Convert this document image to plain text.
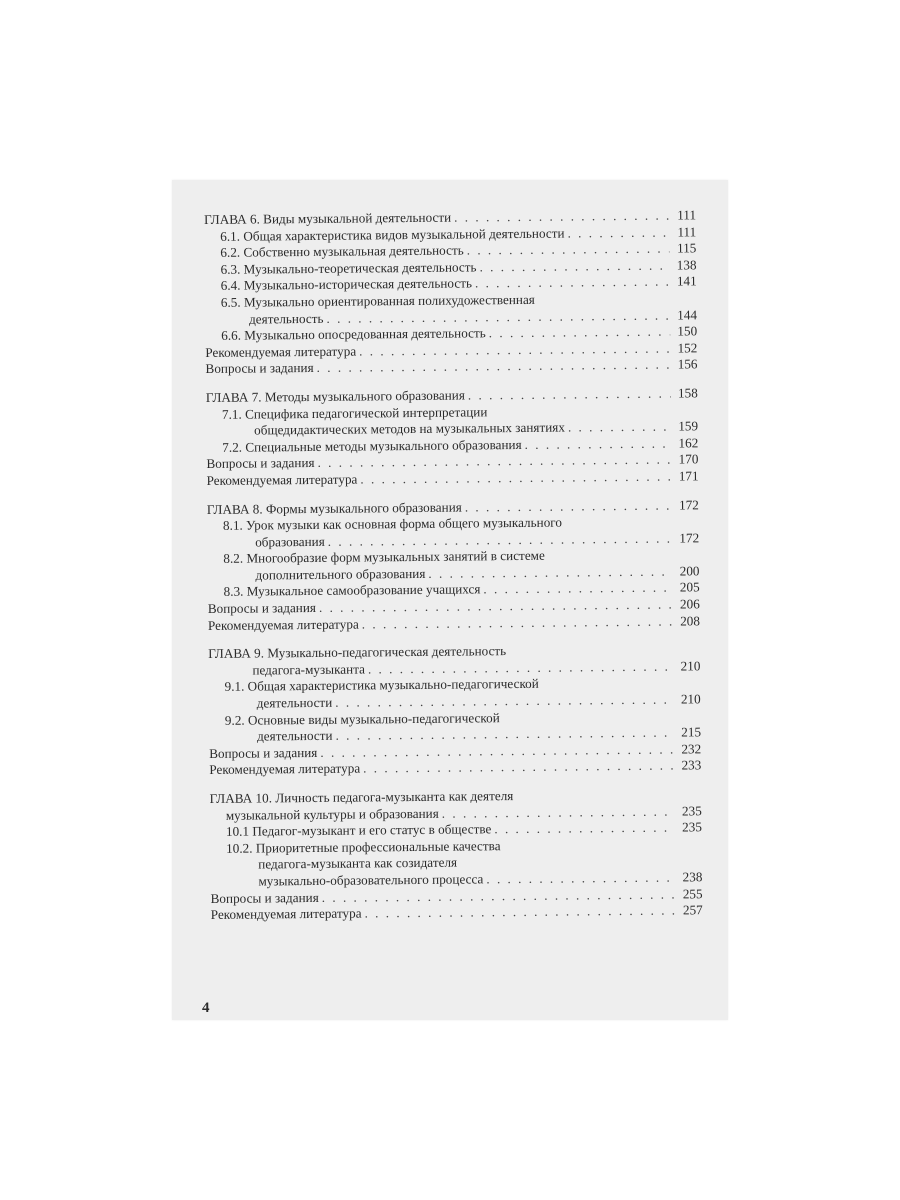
ГЛАВА 6. Виды музыкальной деятельности . . .	111
6.1. Общая характеристика видов музыкальной деятельности . . .	111
6.2. Собственно музыкальная деятельность . . .	115
6.3. Музыкально-теоретическая деятельность . . .	138
6.4. Музыкально-историческая деятельность . . .	141
6.5. Музыкально ориентированная полихудожественная
деятельность . . .	144
6.6. Музыкально опосредованная деятельность . . .	150
Рекомендуемая литература . . .	152
Вопросы и задания . . .	156
ГЛАВА 7. Методы музыкального образования . . .	158
7.1. Специфика педагогической интерпретации
общедидактических методов на музыкальных занятиях . . .	159
7.2. Специальные методы музыкального образования . . .	162
Вопросы и задания . . .	170
Рекомендуемая литература . . .	171
ГЛАВА 8. Формы музыкального образования . . .	172
8.1. Урок музыки как основная форма общего музыкального
образования . . .	172
8.2. Многообразие форм музыкальных занятий в системе
дополнительного образования . . .	200
8.3. Музыкальное самообразование учащихся . . .	205
Вопросы и задания . . .	206
Рекомендуемая литература . . .	208
ГЛАВА 9. Музыкально-педагогическая деятельность
педагога-музыканта . . .	210
9.1. Общая характеристика музыкально-педагогической
деятельности . . .	210
9.2. Основные виды музыкально-педагогической
деятельности . . .	215
Вопросы и задания . . .	232
Рекомендуемая литература . . .	233
ГЛАВА 10. Личность педагога-музыканта как деятеля
музыкальной культуры и образования . . .	235
10.1 Педагог-музыкант и его статус в обществе . . .	235
10.2. Приоритетные профессиональные качества
педагога-музыканта как созидателя
музыкально-образовательного процесса . . .	238
Вопросы и задания . . .	255
Рекомендуемая литература . . .	257
4
